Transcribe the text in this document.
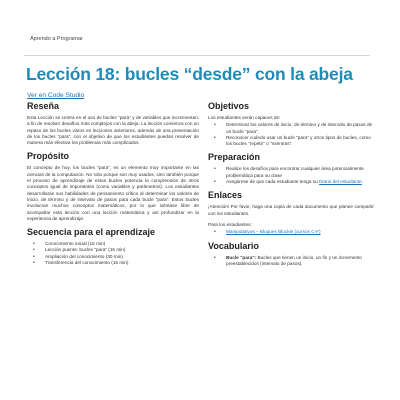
Aprendo a Programar
Lección 18: bucles “desde” con la abeja
Ver en Code Studio
Reseña

Esta Lección se centra en el uso de bucles "para" y de variables que incrementan, a fin de resolver desafíos más complejos con la abeja. La lección comienza con un repaso de los bucles vistos en lecciones anteriores, además de una presentación de los bucles "para", con el objetivo de que los estudiantes puedan resolver de manera más efectiva los problemas más complicados.

Propósito

El concepto de hoy, los bucles "para", es un elemento muy importante en las ciencias de la computación. No sólo porque son muy usados, sino también porque el proceso de aprendizaje de estos bucles potencia la comprensión de otros conceptos igual de importantes (como variables y parámetros). Los estudiantes desarrollarán sus habilidades de pensamiento crítico al determinar los valores de inicio, de término y de intervalo de pasos para cada bucle "para". Estos bucles involucran muchos conceptos matemáticos, por lo que siéntase libre de acompañar esta lección con una lección matemática y así profundizar en la experiencia de aprendizaje.

Secuencia para el aprendizaje
• Conocimiento inicial (15 min)
• Lección puente: bucles "para" (15 min)
• Ampliación del conocimiento (30 min)
• Transferencia del conocimiento (15 min)
Objetivos

Los estudiantes serán capaces de:

• Determinar los valores de inicio, de término y de intervalo de pasos de un bucle "para".
• Reconocer cuándo usar un bucle "para" y otros tipos de bucles, como los bucles "repetir" o "mientras".
Preparación
• Realice los desafíos para encontrar cualquier área potencialmente problemática para su clase
• Asegúrese de que cada estudiante tenga su Diario del estudiante.
Enlaces

¡Atención! Por favor, haga una copia de cada documento que planee compartir con los estudiantes.

Para los estudiantes:

• Manipulativos – Bloques Blockle (cursos C-F)
Vocabulario
• Bucle “para”: Bucles que tienen un inicio, un fin y un incremento preestablecidos (intervalo de pasos).
